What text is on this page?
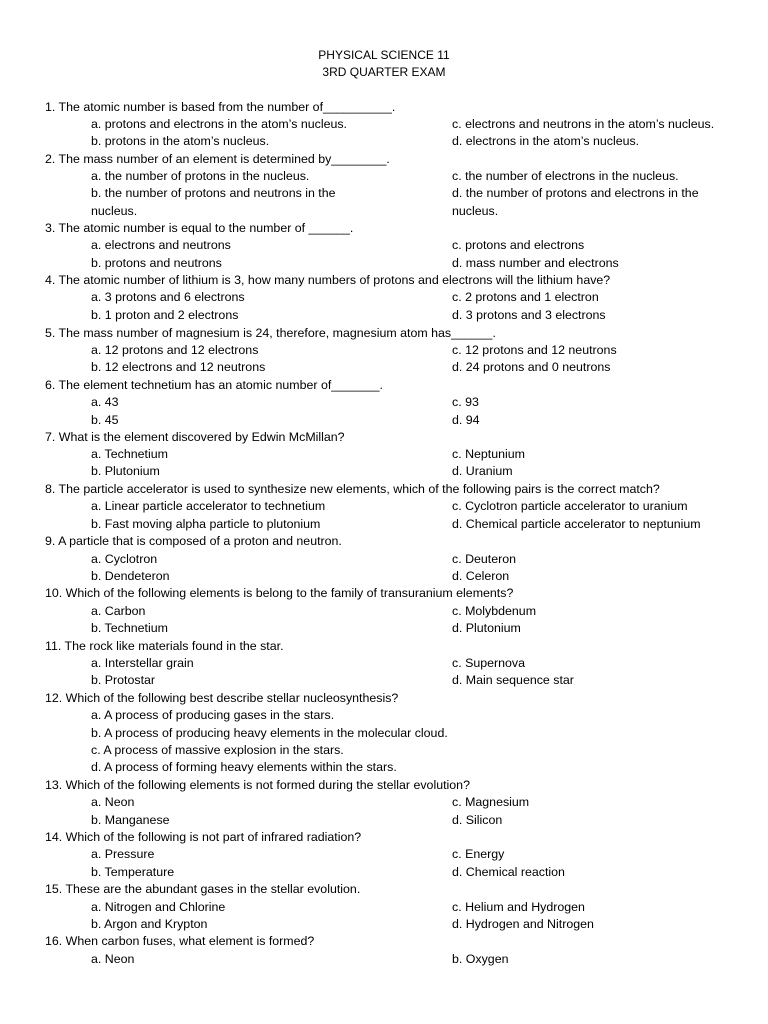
PHYSICAL SCIENCE 11
3RD QUARTER EXAM
1. The atomic number is based from the number of__________.
a. protons and electrons in the atom’s nucleus.	c. electrons and neutrons in the atom’s nucleus.
b. protons in the atom’s nucleus.	d. electrons in the atom’s nucleus.
2. The mass number of an element is determined by________.
a. the number of protons in the nucleus.	c. the number of electrons in the nucleus.
b. the number of protons and neutrons in the	d. the number of protons and electrons in the
nucleus.	nucleus.
3. The atomic number is equal to the number of ______.
a. electrons and neutrons	c. protons and electrons
b. protons and neutrons	d. mass number and electrons
4. The atomic number of lithium is 3, how many numbers of protons and electrons will the lithium have?
a. 3 protons and 6 electrons	c. 2 protons and 1 electron
b. 1 proton and 2 electrons	d. 3 protons and 3 electrons
5. The mass number of magnesium is 24, therefore, magnesium atom has______.
a. 12 protons and 12 electrons	c. 12 protons and 12 neutrons
b. 12 electrons and 12 neutrons	d. 24 protons and 0 neutrons
6. The element technetium has an atomic number of_______.
a. 43	c. 93
b. 45	d. 94
7. What is the element discovered by Edwin McMillan?
a. Technetium	c. Neptunium
b. Plutonium	d. Uranium
8. The particle accelerator is used to synthesize new elements, which of the following pairs is the correct match?
a. Linear particle accelerator to technetium	c. Cyclotron particle accelerator to uranium
b. Fast moving alpha particle to plutonium	d. Chemical particle accelerator to neptunium
9. A particle that is composed of a proton and neutron.
a. Cyclotron	c. Deuteron
b. Dendeteron	d. Celeron
10. Which of the following elements is belong to the family of transuranium elements?
a. Carbon	c. Molybdenum
b. Technetium	d. Plutonium
11. The rock like materials found in the star.
a. Interstellar grain	c. Supernova
b. Protostar	d. Main sequence star
12. Which of the following best describe stellar nucleosynthesis?
a. A process of producing gases in the stars.
b. A process of producing heavy elements in the molecular cloud.
c. A process of massive explosion in the stars.
d. A process of forming heavy elements within the stars.
13. Which of the following elements is not formed during the stellar evolution?
a. Neon	c. Magnesium
b. Manganese	d. Silicon
14. Which of the following is not part of infrared radiation?
a. Pressure	c. Energy
b. Temperature	d. Chemical reaction
15. These are the abundant gases in the stellar evolution.
a. Nitrogen and Chlorine	c. Helium and Hydrogen
b. Argon and Krypton	d. Hydrogen and Nitrogen
16. When carbon fuses, what element is formed?
a. Neon	b. Oxygen
